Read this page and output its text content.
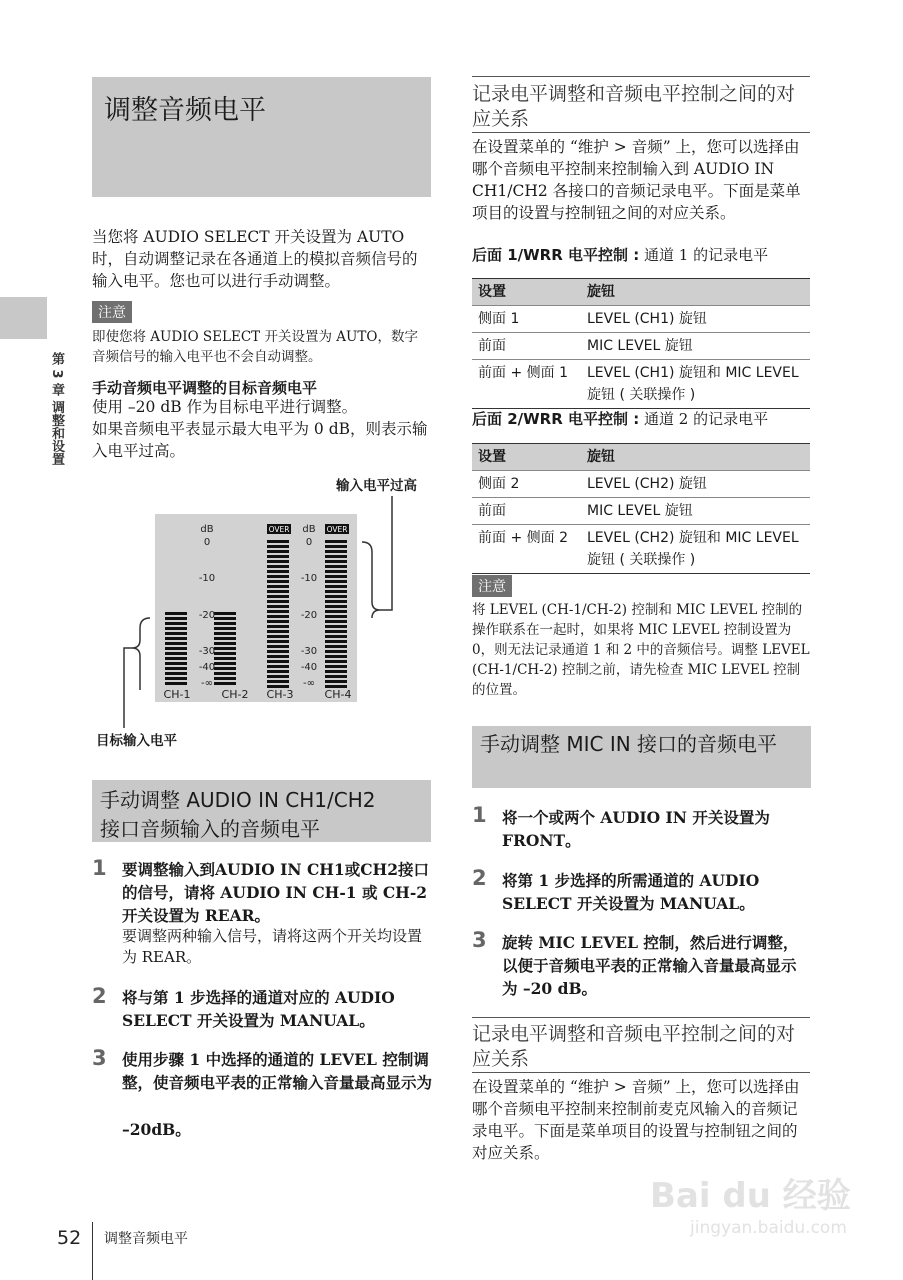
第 3 章 调整和设置
调整音频电平
当您将 AUDIO SELECT 开关设置为 AUTO 时，自动调整记录在各通道上的模拟音频信号的输入电平。您也可以进行手动调整。
注意
即使您将 AUDIO SELECT 开关设置为 AUTO，数字音频信号的输入电平也不会自动调整。
手动音频电平调整的目标音频电平
使用 –20 dB 作为目标电平进行调整。
如果音频电平表显示最大电平为 0 dB，则表示输入电平过高。
输入电平过高
目标输入电平
OVER	OVER
dB
0
dB
0
-10
-20
-30
-40
-∞
-10
-20
-30
-40
-∞
CH-1	CH-2 CH-3	CH-4
手动调整 AUDIO IN CH1/CH2
接口音频输入的音频电平
1 要调整输入到AUDIO IN CH1或CH2接口的信号，请将 AUDIO IN CH-1 或 CH-2 开关设置为 REAR。
要调整两种输入信号，请将这两个开关均设置为 REAR。
2 将与第 1 步选择的通道对应的 AUDIO SELECT 开关设置为 MANUAL。
3 使用步骤 1 中选择的通道的 LEVEL 控制调整，使音频电平表的正常输入音量最高显示为
–20dB。
记录电平调整和音频电平控制之间的对应关系
在设置菜单的 “维护 > 音频” 上，您可以选择由哪个音频电平控制来控制输入到 AUDIO IN CH1/CH2 各接口的音频记录电平。下面是菜单项目的设置与控制钮之间的对应关系。
后面 1/WRR 电平控制 : 通道 1 的记录电平
设置	旋钮
侧面 1	LEVEL (CH1) 旋钮
前面	MIC LEVEL 旋钮
前面 + 侧面 1	LEVEL (CH1) 旋钮和 MIC LEVEL 旋钮 ( 关联操作 )
后面 2/WRR 电平控制 : 通道 2 的记录电平
设置	旋钮
侧面 2	LEVEL (CH2) 旋钮
前面	MIC LEVEL 旋钮
前面 + 侧面 2	LEVEL (CH2) 旋钮和 MIC LEVEL 旋钮 ( 关联操作 )
注意
将 LEVEL (CH-1/CH-2) 控制和 MIC LEVEL 控制的操作联系在一起时，如果将 MIC LEVEL 控制设置为 0，则无法记录通道 1 和 2 中的音频信号。调整 LEVEL (CH-1/CH-2) 控制之前，请先检查 MIC LEVEL 控制的位置。
手动调整 MIC IN 接口的音频电平
1 将一个或两个 AUDIO IN 开关设置为 FRONT。
2 将第 1 步选择的所需通道的 AUDIO SELECT 开关设置为 MANUAL。
3 旋转 MIC LEVEL 控制，然后进行调整，以便于音频电平表的正常输入音量最高显示为 –20 dB。
记录电平调整和音频电平控制之间的对应关系
在设置菜单的 “维护 > 音频” 上，您可以选择由哪个音频电平控制来控制前麦克风输入的音频记录电平。下面是菜单项目的设置与控制钮之间的对应关系。
Bai du 经验
jingyan.baidu.com
52 调整音频电平
